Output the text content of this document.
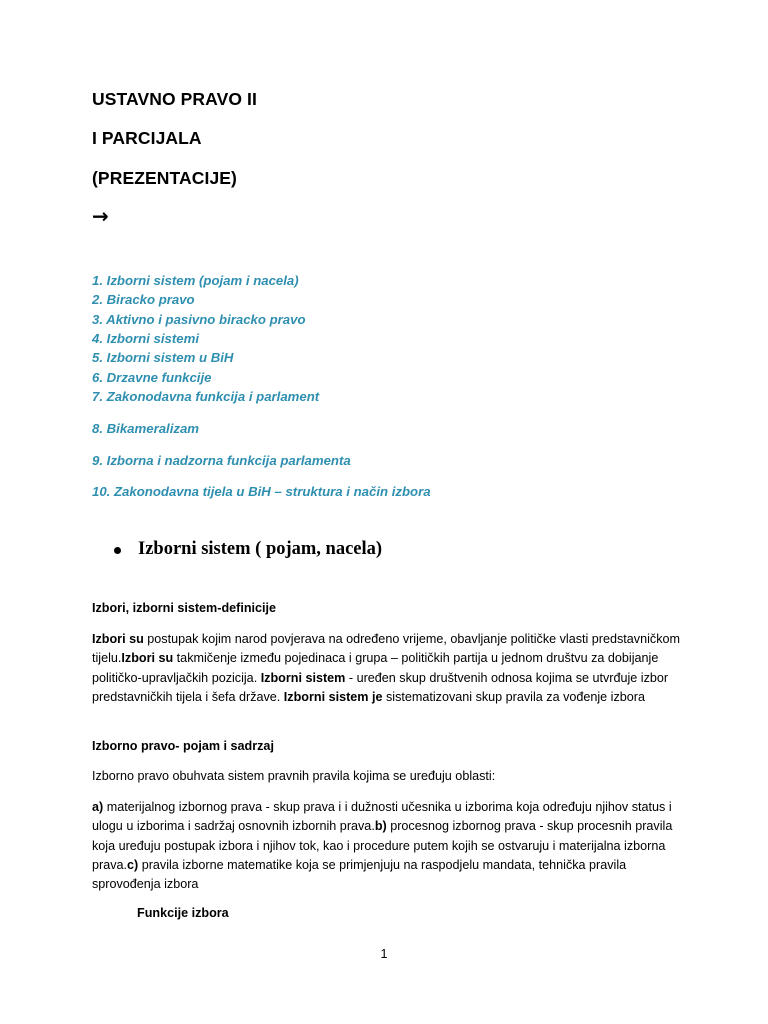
USTAVNO PRAVO II
I PARCIJALA
(PREZENTACIJE)
→
1. Izborni sistem (pojam i nacela)
2. Biracko pravo
3. Aktivno i pasivno biracko pravo
4. Izborni sistemi
5. Izborni sistem u BiH
6. Drzavne funkcije
7. Zakonodavna funkcija i parlament
8. Bikameralizam
9. Izborna i nadzorna funkcija parlamenta
10. Zakonodavna tijela u BiH – struktura i način izbora
Izborni sistem ( pojam, nacela)
Izbori, izborni sistem-definicije

Izbori su postupak kojim narod povjerava na određeno vrijeme, obavljanje političke vlasti predstavničkom tijelu.Izbori su takmičenje između pojedinaca i grupa – političkih partija u jednom društvu za dobijanje političko-upravljačkih pozicija. Izborni sistem - uređen skup društvenih odnosa kojima se utvrđuje izbor predstavničkih tijela i šefa države. Izborni sistem je sistematizovani skup pravila za vođenje izbora

Izborno pravo- pojam i sadrzaj

Izborno pravo obuhvata sistem pravnih pravila kojima se uređuju oblasti:

a) materijalnog izbornog prava - skup prava i i dužnosti učesnika u izborima koja određuju njihov status i ulogu u izborima i sadržaj osnovnih izbornih prava.b) procesnog izbornog prava - skup procesnih pravila koja uređuju postupak izbora i njihov tok, kao i procedure putem kojih se ostvaruju i materijalna izborna prava.c) pravila izborne matematike koja se primjenjuju na raspodjelu mandata, tehnička pravila sprovođenja izbora

Funkcije izbora
1
